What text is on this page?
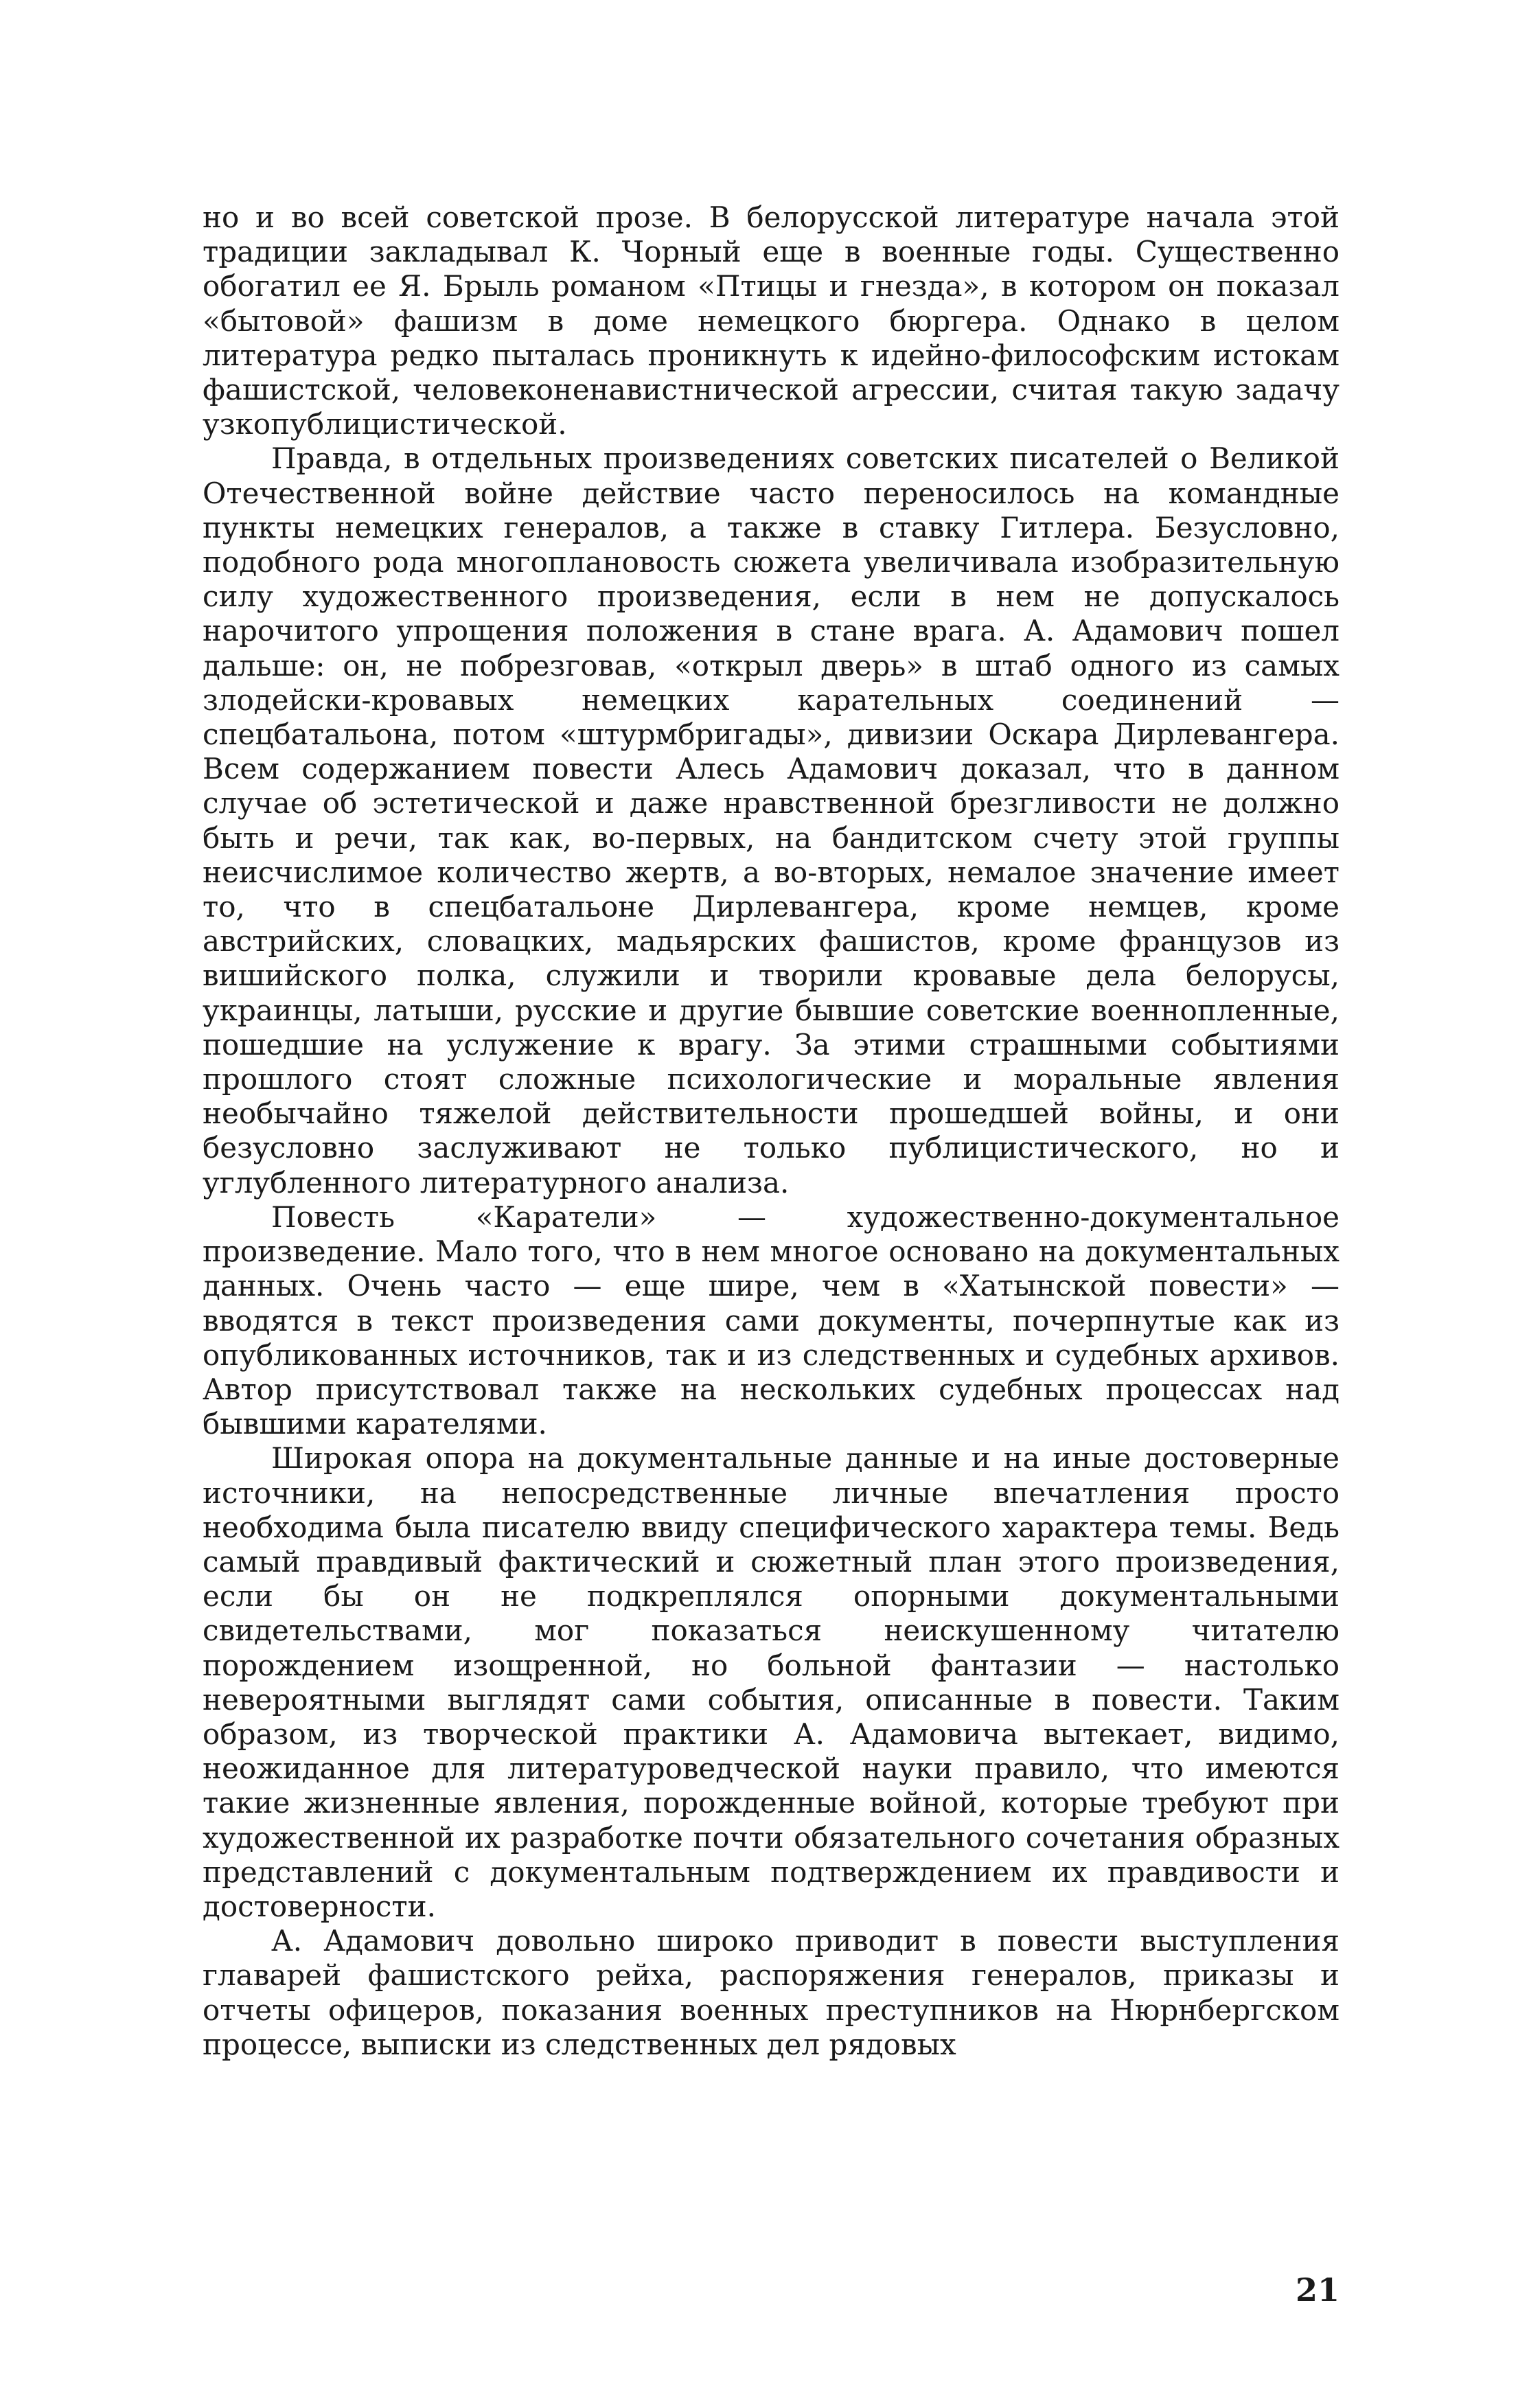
но и во всей советской прозе. В белорусской литературе начала этой традиции закладывал К. Чорный еще в военные годы. Существенно обогатил ее Я. Брыль романом «Птицы и гнезда», в котором он показал «бытовой» фашизм в доме немецкого бюргера. Однако в целом литература редко пыталась проникнуть к идейно-философским истокам фашистской, человеконенавистнической агрессии, считая такую задачу узкопублицистической.

Правда, в отдельных произведениях советских писателей о Великой Отечественной войне действие часто переносилось на командные пункты немецких генералов, а также в ставку Гитлера. Безусловно, подобного рода многоплановость сюжета увеличивала изобразительную силу художественного произведения, если в нем не допускалось нарочитого упрощения положения в стане врага. А. Адамович пошел дальше: он, не побрезговав, «открыл дверь» в штаб одного из самых злодейски-кровавых немецких карательных соединений — спецбатальона, потом «штурмбригады», дивизии Оскара Дирлевангера. Всем содержанием повести Алесь Адамович доказал, что в данном случае об эстетической и даже нравственной брезгливости не должно быть и речи, так как, во-первых, на бандитском счету этой группы неисчислимое количество жертв, а во-вторых, немалое значение имеет то, что в спецбатальоне Дирлевангера, кроме немцев, кроме австрийских, словацких, мадьярских фашистов, кроме французов из вишийского полка, служили и творили кровавые дела белорусы, украинцы, латыши, русские и другие бывшие советские военнопленные, пошедшие на услужение к врагу. За этими страшными событиями прошлого стоят сложные психологические и моральные явления необычайно тяжелой действительности прошедшей войны, и они безусловно заслуживают не только публицистического, но и углубленного литературного анализа.

Повесть «Каратели» — художественно-документальное произведение. Мало того, что в нем многое основано на документальных данных. Очень часто — еще шире, чем в «Хатынской повести» — вводятся в текст произведения сами документы, почерпнутые как из опубликованных источников, так и из следственных и судебных архивов. Автор присутствовал также на нескольких судебных процессах над бывшими карателями.

Широкая опора на документальные данные и на иные достоверные источники, на непосредственные личные впечатления просто необходима была писателю ввиду специфического характера темы. Ведь самый правдивый фактический и сюжетный план этого произведения, если бы он не подкреплялся опорными документальными свидетельствами, мог показаться неискушенному читателю порождением изощренной, но больной фантазии — настолько невероятными выглядят сами события, описанные в повести. Таким образом, из творческой практики А. Адамовича вытекает, видимо, неожиданное для литературоведческой науки правило, что имеются такие жизненные явления, порожденные войной, которые требуют при художественной их разработке почти обязательного сочетания образных представлений с документальным подтверждением их правдивости и достоверности.

А. Адамович довольно широко приводит в повести выступления главарей фашистского рейха, распоряжения генералов, приказы и отчеты офицеров, показания военных преступников на Нюрнбергском процессе, выписки из следственных дел рядовых

21
